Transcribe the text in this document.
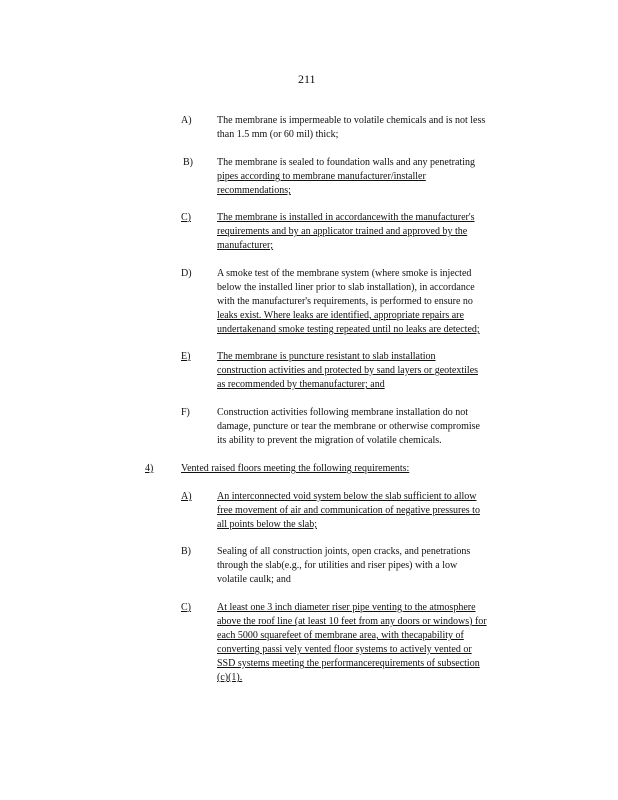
211
A)	The membrane is impermeable to volatile chemicals and is not less
than 1.5 mm (or 60 mil) thick;
B) The membrane is sealed to foundation walls and any penetrating
pipes according to membrane manufacturer/installer
recommendations;
C)	The membrane is installed in accordancewith the manufacturer's
requirements and by an applicator trained and approved by the
manufacturer;
D)	A smoke test of the membrane system (where smoke is injected
below the installed liner prior to slab installation), in accordance
with the manufacturer's requirements, is performed to ensure no
leaks exist. Where leaks are identified, appropriate repairs are
undertakenand smoke testing repeated until no leaks are detected;
E)	The membrane is puncture resistant to slab installation
construction activities and protected by sand layers or geotextiles
as recommended by themanufacturer; and
F)	Construction activities following membrane installation do not
damage, puncture or tear the membrane or otherwise compromise
its ability to prevent the migration of volatile chemicals.
4)	Vented raised floors meeting the following requirements:
A)	An interconnected void system below the slab sufficient to allow
free movement of air and communication of negative pressures to
all points below the slab;
B)	Sealing of all construction joints, open cracks, and penetrations
through the slab(e.g., for utilities and riser pipes) with a low
volatile caulk; and
C)	At least one 3 inch diameter riser pipe venting to the atmosphere
above the roof line (at least 10 feet from any doors or windows) for
each 5000 squarefeet of membrane area, with thecapability of
converting passi vely vented floor systems to actively vented or
SSD systems meeting the performancerequirements of subsection
(c)(1).
